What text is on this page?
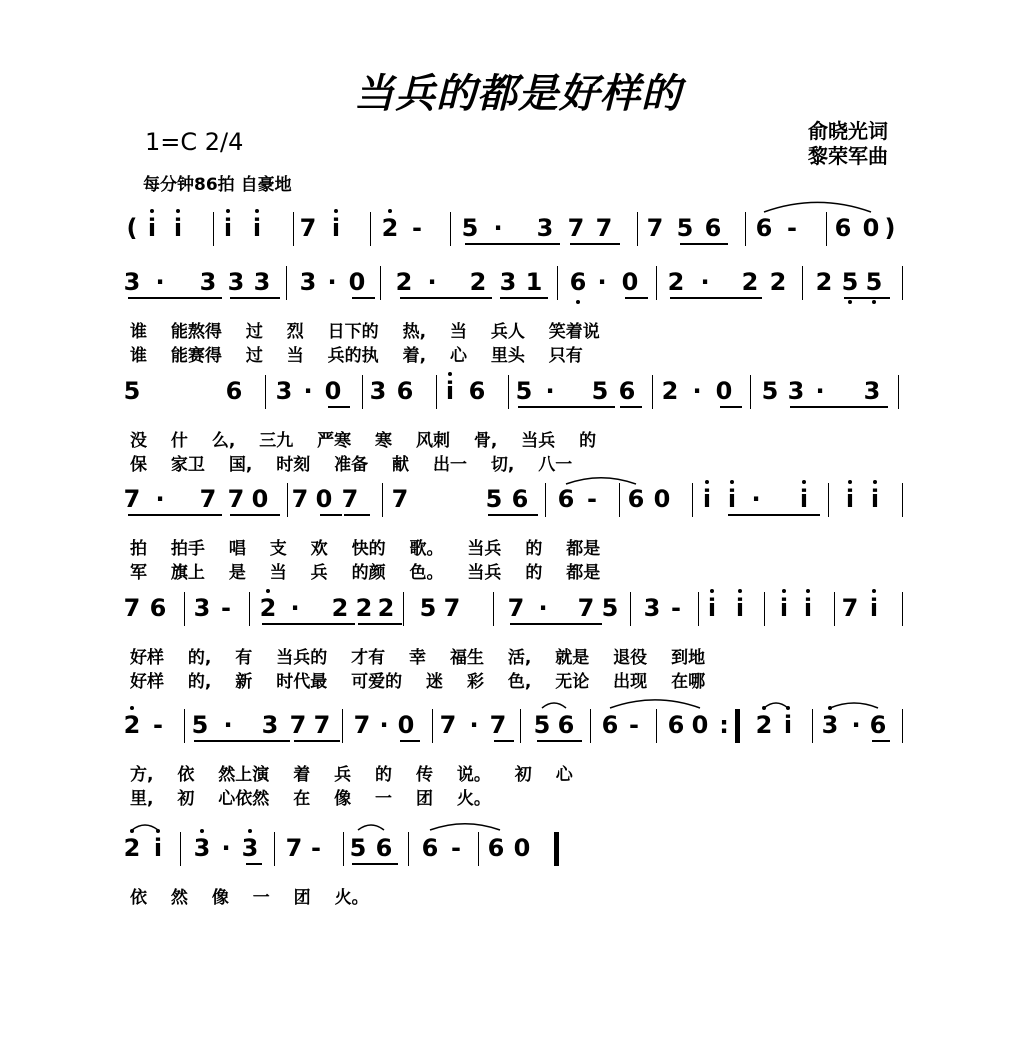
当兵的都是好样的
1=C 2/4	俞晓光词
黎荣军曲
每分钟86拍 自豪地
( i i i i 7 i 2 - 5 · 3 7 7 7 5 6 6 - 6 0 )
3 · 3 3 3 3 · 0 2 · 2 3 1 6 · 0 2 · 2 2 2 5 5
5	6 3 · 0 3 6 i 6 5 · 5 6 2 · 0 5 3 · 3
7 · 7 7 0 7 0 7 7	5 6 6 - 6 0 i i · i i i
7 6 3 - 2 · 2 2 2 5 7 7 · 7 5 3 - i i i i 7 i
2 - 5 · 3 7 7 7 · 0 7 · 7 5 6 6 - 6 0 : 2 i 3 · 6
2 i 3 · 3 7 - 5 6 6 - 6 0
谁 能熬得 过 烈 日下的 热, 当 兵人 笑着说
谁 能赛得 过 当 兵的执 着, 心 里头 只有
没 什 么, 三九 严寒 寒 风刺 骨, 当兵 的
保 家卫 国, 时刻 准备 献 出一 切, 八一
拍 拍手 唱 支 欢 快的 歌。 当兵 的 都是
军 旗上 是 当 兵 的颜 色。 当兵 的 都是
好样 的, 有 当兵的 才有 幸 福生 活, 就是 退役 到地
好样 的, 新 时代最 可爱的 迷 彩 色, 无论 出现 在哪
方, 依 然上演 着 兵 的 传 说。 初 心
里, 初 心依然 在 像 一 团 火。
依 然 像 一 团 火。
